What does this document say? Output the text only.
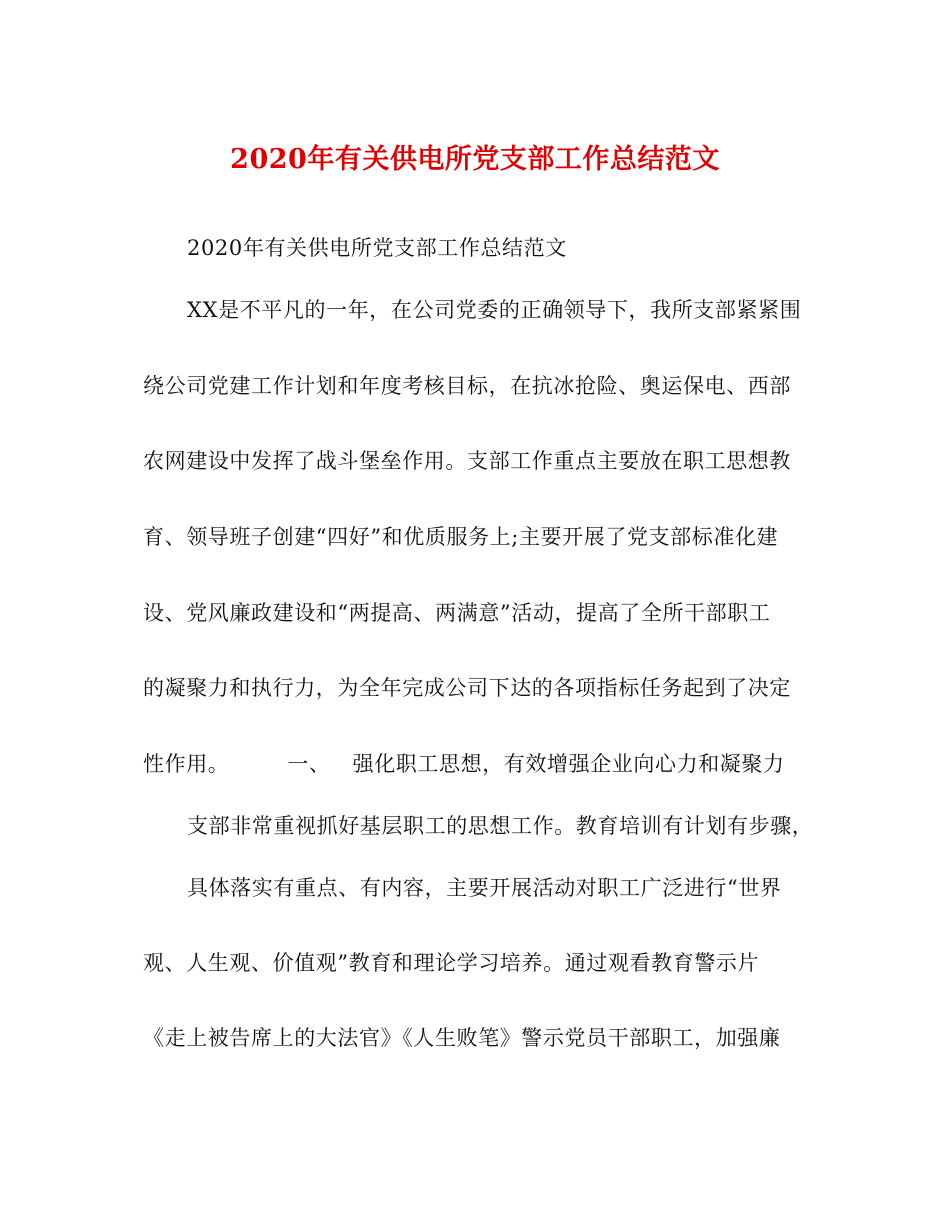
2020年有关供电所党支部工作总结范文
2020年有关供电所党支部工作总结范文
XX是不平凡的一年，在公司党委的正确领导下，我所支部紧紧围
绕公司党建工作计划和年度考核目标，在抗冰抢险、奥运保电、西部
农网建设中发挥了战斗堡垒作用。支部工作重点主要放在职工思想教
育、领导班子创建“四好”和优质服务上;主要开展了党支部标准化建
设、党风廉政建设和“两提高、两满意”活动，提高了全所干部职工
的凝聚力和执行力，为全年完成公司下达的各项指标任务起到了决定
性作用。	一、 强化职工思想，有效增强企业向心力和凝聚力
支部非常重视抓好基层职工的思想工作。教育培训有计划有步骤，
具体落实有重点、有内容，主要开展活动对职工广泛进行“世界
观、人生观、价值观”教育和理论学习培养。通过观看教育警示片
《走上被告席上的大法官》《人生败笔》警示党员干部职工，加强廉
